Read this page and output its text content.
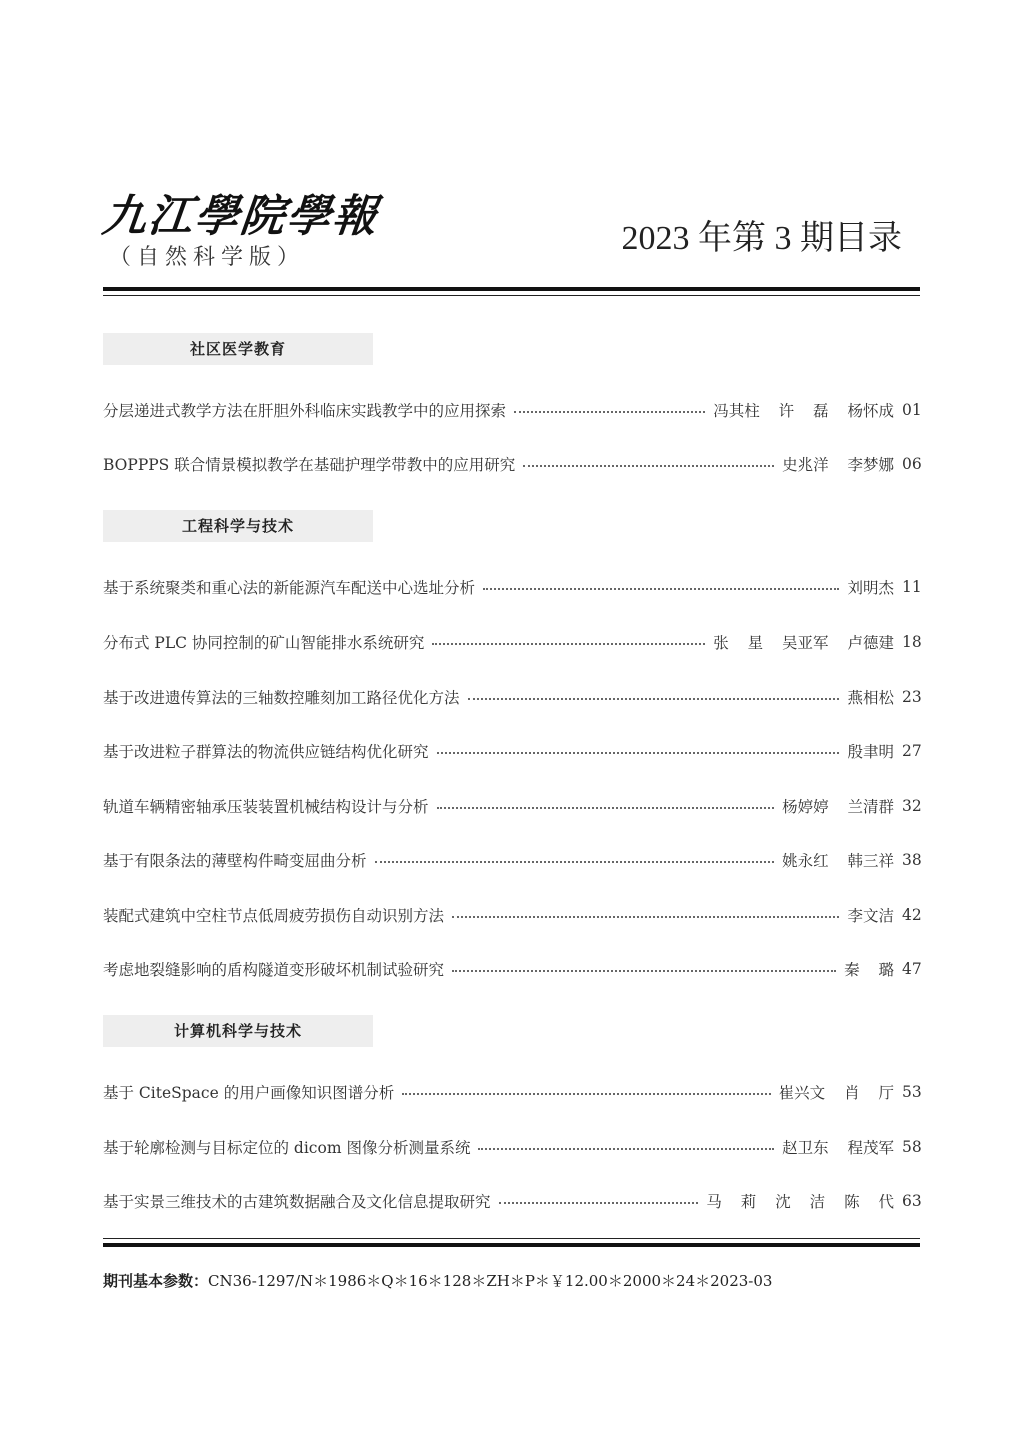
九江學院學報
（自然科学版）
2023 年第 3 期目录
社区医学教育
分层递进式教学方法在肝胆外科临床实践教学中的应用探索	冯其柱 许 磊 杨怀成 01
BOPPPS 联合情景模拟教学在基础护理学带教中的应用研究	史兆洋 李梦娜 06
工程科学与技术
基于系统聚类和重心法的新能源汽车配送中心选址分析	刘明杰 11
分布式 PLC 协同控制的矿山智能排水系统研究	张 星 吴亚军 卢德建 18
基于改进遗传算法的三轴数控雕刻加工路径优化方法	燕相松 23
基于改进粒子群算法的物流供应链结构优化研究	殷聿明 27
轨道车辆精密轴承压装装置机械结构设计与分析	杨婷婷 兰清群 32
基于有限条法的薄壁构件畸变屈曲分析	姚永红 韩三祥 38
装配式建筑中空柱节点低周疲劳损伤自动识别方法	李文洁 42
考虑地裂缝影响的盾构隧道变形破坏机制试验研究	秦 璐 47
计算机科学与技术
基于 CiteSpace 的用户画像知识图谱分析	崔兴文 肖 厅 53
基于轮廓检测与目标定位的 dicom 图像分析测量系统	赵卫东 程茂军 58
基于实景三维技术的古建筑数据融合及文化信息提取研究	马 莉 沈 洁 陈 代 63
期刊基本参数：CN36-1297/N＊1986＊Q＊16＊128＊ZH＊P＊￥12.00＊2000＊24＊2023-03
